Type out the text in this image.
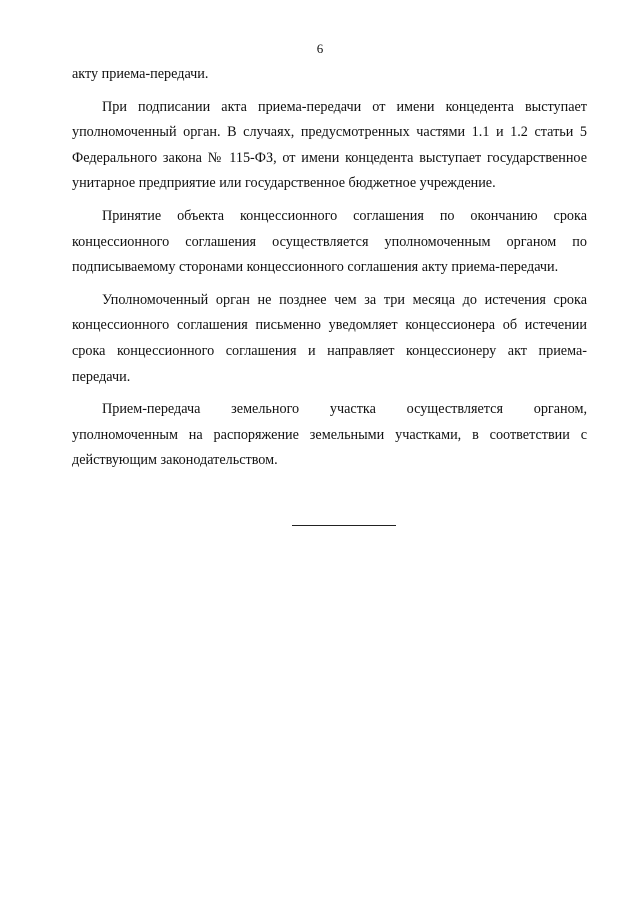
6

акту приема-передачи.

При подписании акта приема-передачи от имени концедента выступает уполномоченный орган. В случаях, предусмотренных частями 1.1 и 1.2 статьи 5 Федерального закона № 115-ФЗ, от имени концедента выступает государственное унитарное предприятие или государственное бюджетное учреждение.

Принятие объекта концессионного соглашения по окончанию срока концессионного соглашения осуществляется уполномоченным органом по подписываемому сторонами концессионного соглашения акту приема-передачи.

Уполномоченный орган не позднее чем за три месяца до истечения срока концессионного соглашения письменно уведомляет концессионера об истечении срока концессионного соглашения и направляет концессионеру акт приема-передачи.

Прием-передача земельного участка осуществляется органом, уполномоченным на распоряжение земельными участками, в соответствии с действующим законодательством.
